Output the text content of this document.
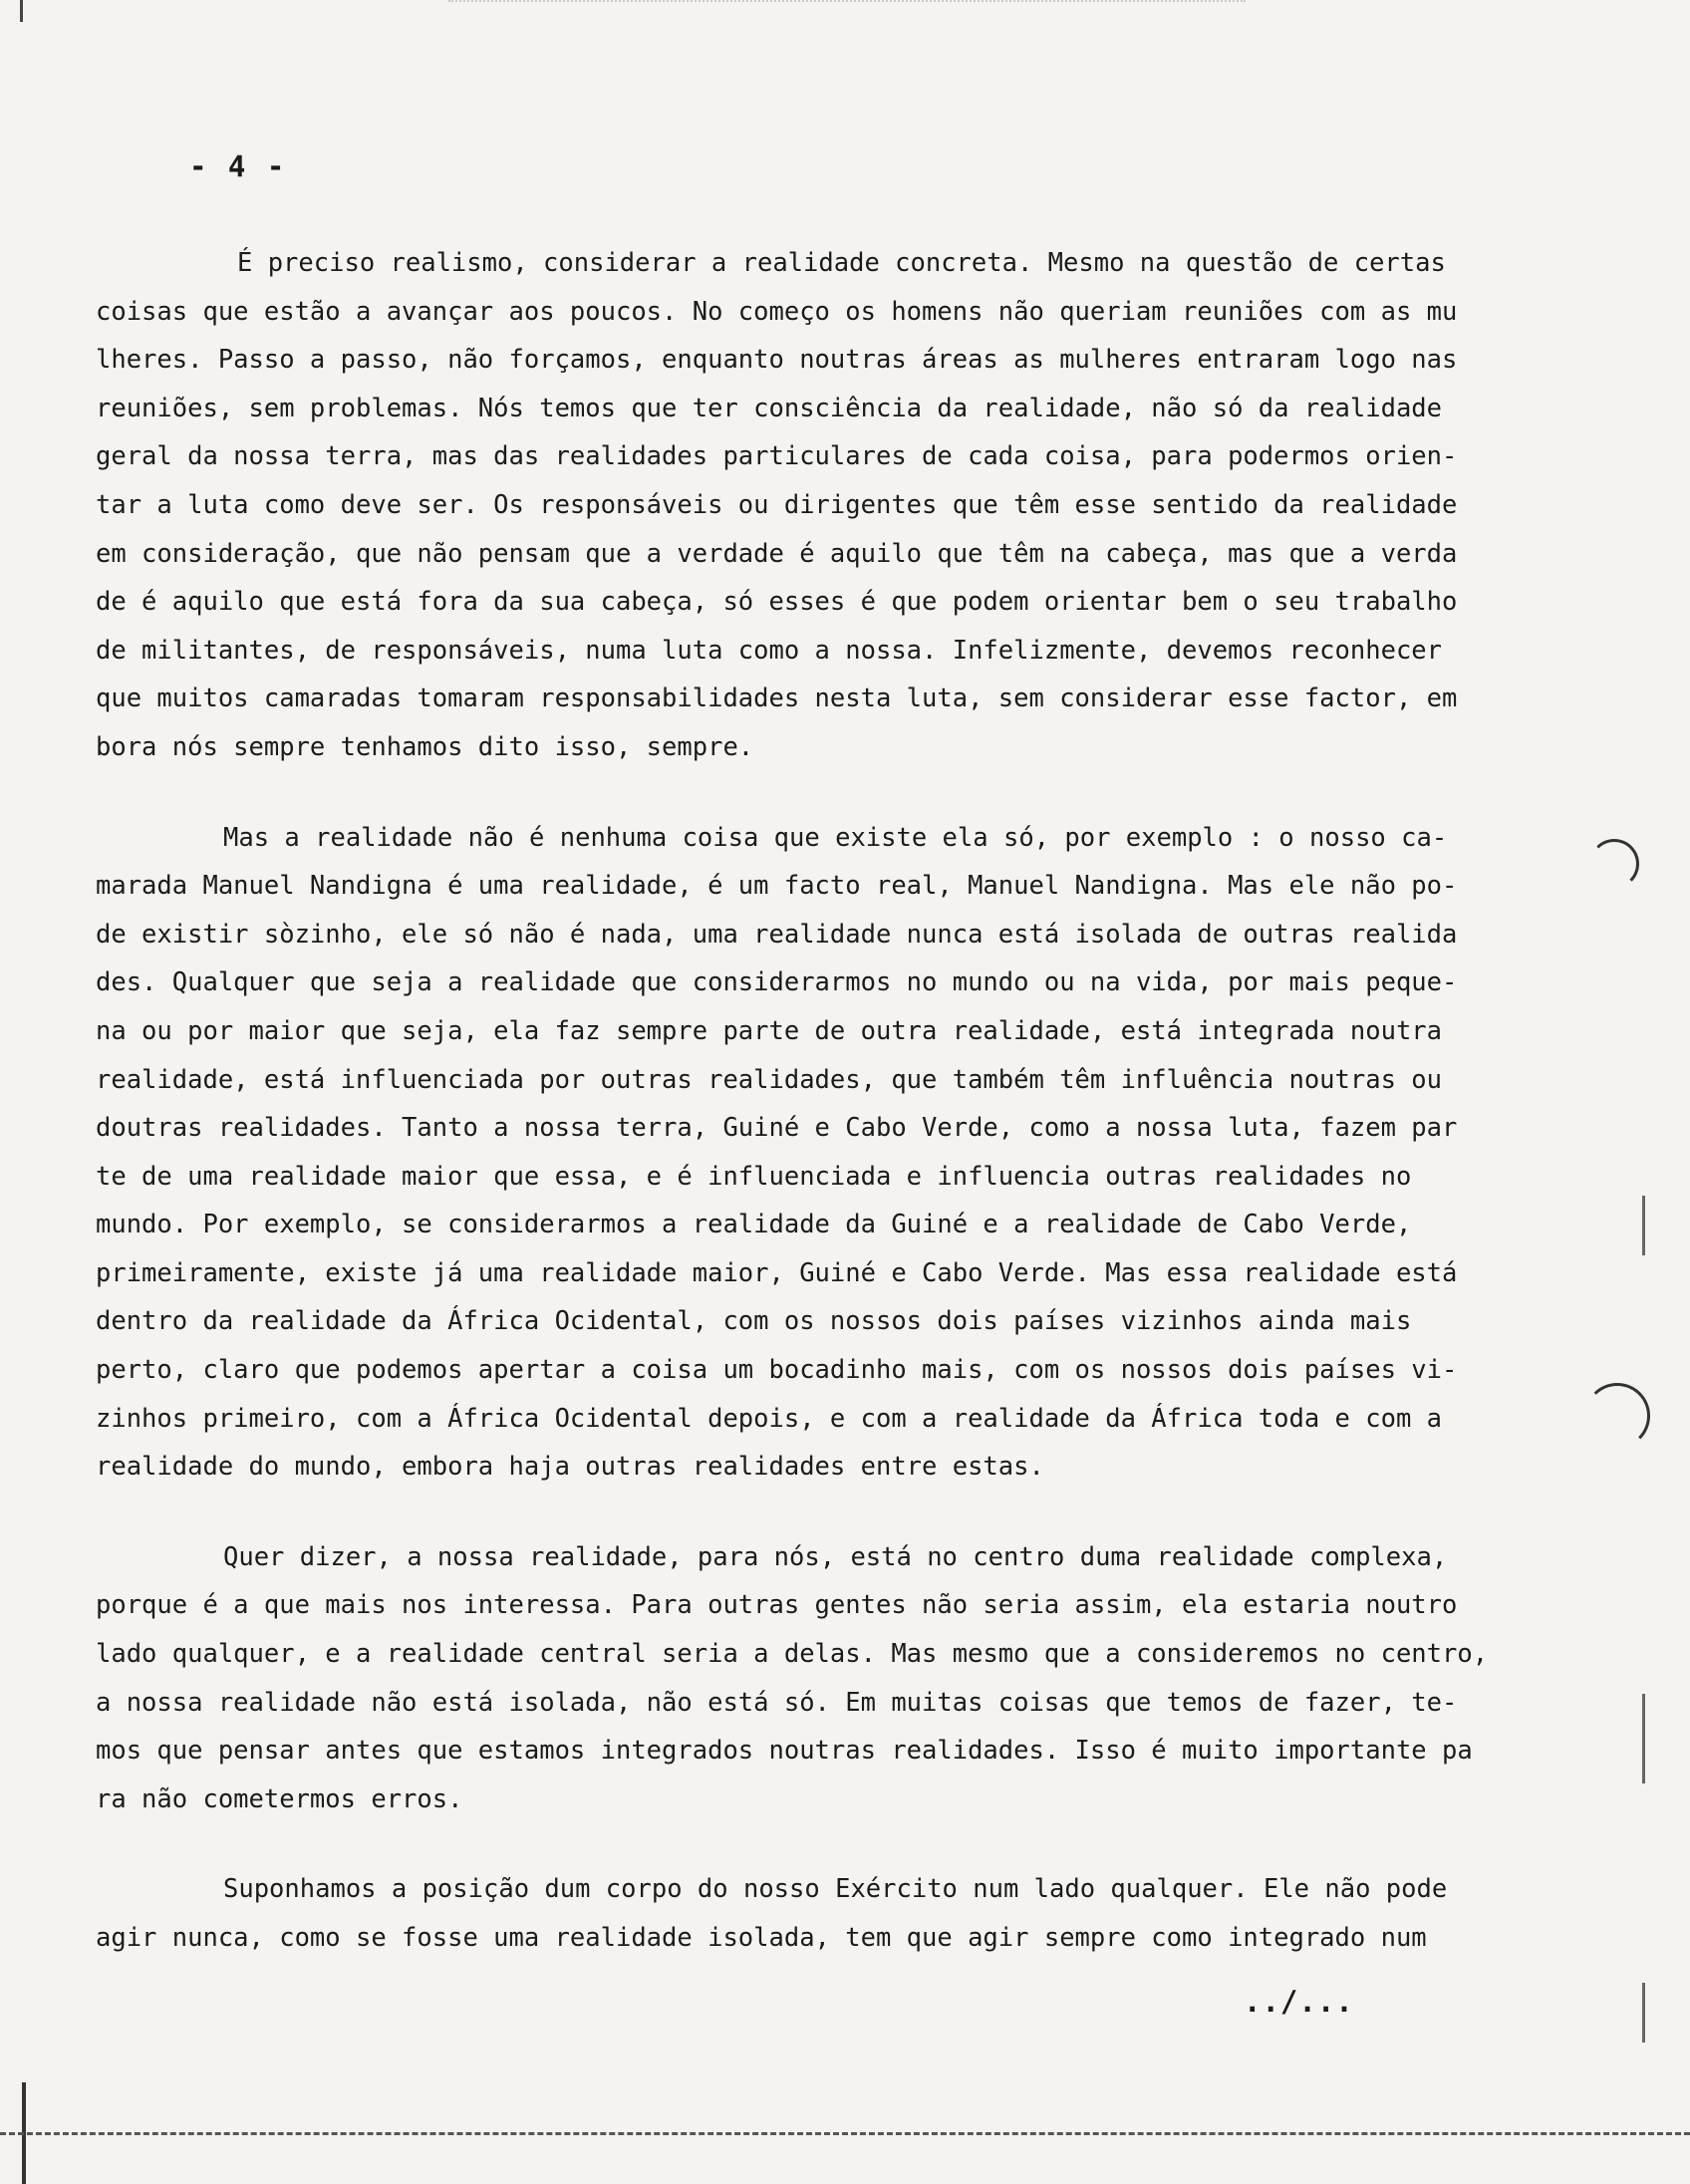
- 4 -

É preciso realismo, considerar a realidade concreta. Mesmo na questão de certas
coisas que estão a avançar aos poucos. No começo os homens não queriam reuniões com as mu
lheres. Passo a passo, não forçamos, enquanto noutras áreas as mulheres entraram logo nas
reuniões, sem problemas. Nós temos que ter consciência da realidade, não só da realidade
geral da nossa terra, mas das realidades particulares de cada coisa, para podermos orien-
tar a luta como deve ser. Os responsáveis ou dirigentes que têm esse sentido da realidade
em consideração, que não pensam que a verdade é aquilo que têm na cabeça, mas que a verda
de é aquilo que está fora da sua cabeça, só esses é que podem orientar bem o seu trabalho
de militantes, de responsáveis, numa luta como a nossa. Infelizmente, devemos reconhecer
que muitos camaradas tomaram responsabilidades nesta luta, sem considerar esse factor, em
bora nós sempre tenhamos dito isso, sempre.

Mas a realidade não é nenhuma coisa que existe ela só, por exemplo : o nosso ca-
marada Manuel Nandigna é uma realidade, é um facto real, Manuel Nandigna. Mas ele não po-
de existir sòzinho, ele só não é nada, uma realidade nunca está isolada de outras realida
des. Qualquer que seja a realidade que considerarmos no mundo ou na vida, por mais peque-
na ou por maior que seja, ela faz sempre parte de outra realidade, está integrada noutra
realidade, está influenciada por outras realidades, que também têm influência noutras ou
doutras realidades. Tanto a nossa terra, Guiné e Cabo Verde, como a nossa luta, fazem par
te de uma realidade maior que essa, e é influenciada e influencia outras realidades no
mundo. Por exemplo, se considerarmos a realidade da Guiné e a realidade de Cabo Verde,
primeiramente, existe já uma realidade maior, Guiné e Cabo Verde. Mas essa realidade está
dentro da realidade da África Ocidental, com os nossos dois países vizinhos ainda mais
perto, claro que podemos apertar a coisa um bocadinho mais, com os nossos dois países vi-
zinhos primeiro, com a África Ocidental depois, e com a realidade da África toda e com a
realidade do mundo, embora haja outras realidades entre estas.

Quer dizer, a nossa realidade, para nós, está no centro duma realidade complexa,
porque é a que mais nos interessa. Para outras gentes não seria assim, ela estaria noutro
lado qualquer, e a realidade central seria a delas. Mas mesmo que a consideremos no centro,
a nossa realidade não está isolada, não está só. Em muitas coisas que temos de fazer, te-
mos que pensar antes que estamos integrados noutras realidades. Isso é muito importante pa
ra não cometermos erros.

Suponhamos a posição dum corpo do nosso Exército num lado qualquer. Ele não pode
agir nunca, como se fosse uma realidade isolada, tem que agir sempre como integrado num

../...
